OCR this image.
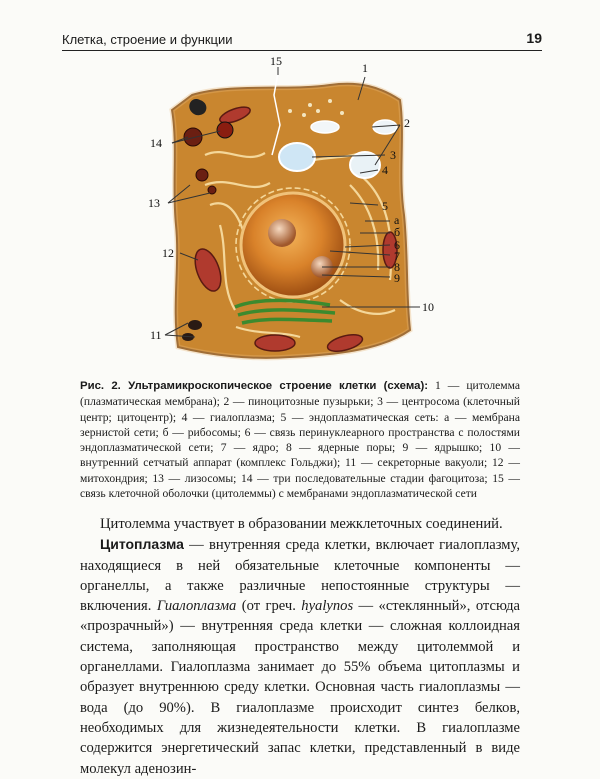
Клетка, строение и функции	19
1
2
3
4
5
а
б
6
7
8
9
10
11
12
13
14
15
Рис. 2. Ультрамикроскопическое строение клетки (схема): 1 — цитолемма (плазматическая мембрана); 2 — пиноцитозные пузырьки; 3 — центросома (клеточный центр; цитоцентр); 4 — гиалоплазма; 5 — эндоплазматическая сеть: а — мембрана зернистой сети; б — рибосомы; 6 — связь перинуклеарного пространства с полостями эндоплазматической сети; 7 — ядро; 8 — ядерные поры; 9 — ядрышко; 10 — внутренний сетчатый аппарат (комплекс Гольджи); 11 — секреторные вакуоли; 12 — митохондрия; 13 — лизосомы; 14 — три последовательные стадии фагоцитоза; 15 — связь клеточной оболочки (цитолеммы) с мембранами эндоплазматической сети

Цитолемма участвует в образовании межклеточных соединений.

Цитоплазма — внутренняя среда клетки, включает гиалоплазму, находящиеся в ней обязательные клеточные компоненты — органеллы, а также различные непостоянные структуры — включения. Гиалоплазма (от греч. hyalynos — «стеклянный», отсюда «прозрачный») — внутренняя среда клетки — сложная коллоидная система, заполняющая пространство между цитолеммой и органеллами. Гиалоплазма занимает до 55% объема цитоплазмы и образует внутреннюю среду клетки. Основная часть гиалоплазмы — вода (до 90%). В гиалоплазме происходит синтез белков, необходимых для жизнедеятельности клетки. В гиалоплазме содержится энергетический запас клетки, представленный в виде молекул аденозин-
